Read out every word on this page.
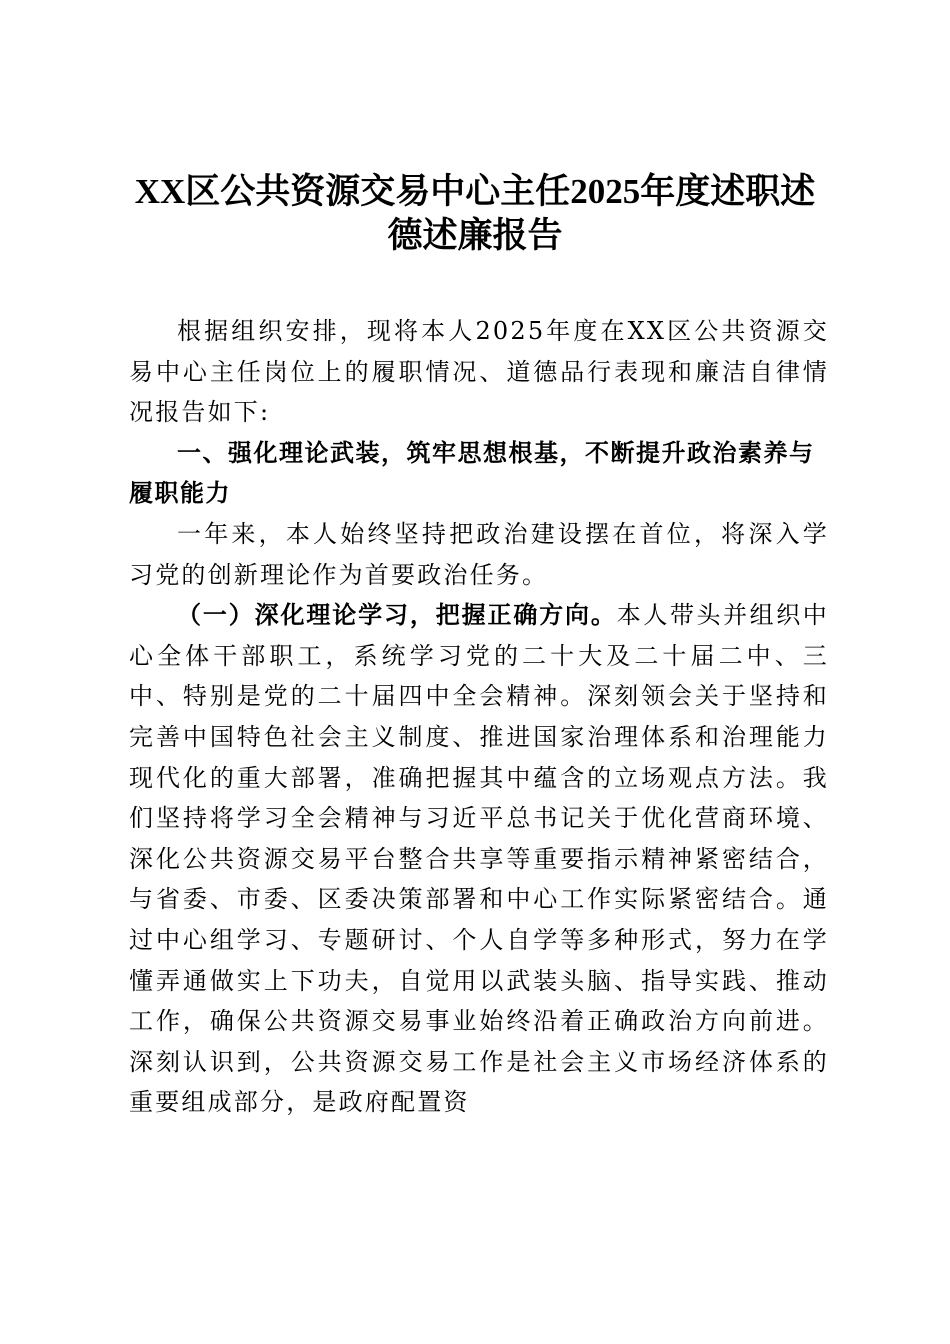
XX区公共资源交易中心主任2025年度述职述
德述廉报告

根据组织安排，现将本人2025年度在XX区公共资源交易中心主任岗位上的履职情况、道德品行表现和廉洁自律情况报告如下:

一、强化理论武装，筑牢思想根基，不断提升政治素养与履职能力

一年来，本人始终坚持把政治建设摆在首位，将深入学习党的创新理论作为首要政治任务。

（一）深化理论学习，把握正确方向。本人带头并组织中心全体干部职工，系统学习党的二十大及二十届二中、三中、特别是党的二十届四中全会精神。深刻领会关于坚持和完善中国特色社会主义制度、推进国家治理体系和治理能力现代化的重大部署，准确把握其中蕴含的立场观点方法。我们坚持将学习全会精神与习近平总书记关于优化营商环境、深化公共资源交易平台整合共享等重要指示精神紧密结合，与省委、市委、区委决策部署和中心工作实际紧密结合。通过中心组学习、专题研讨、个人自学等多种形式，努力在学懂弄通做实上下功夫，自觉用以武装头脑、指导实践、推动工作，确保公共资源交易事业始终沿着正确政治方向前进。深刻认识到，公共资源交易工作是社会主义市场经济体系的重要组成部分，是政府配置资
